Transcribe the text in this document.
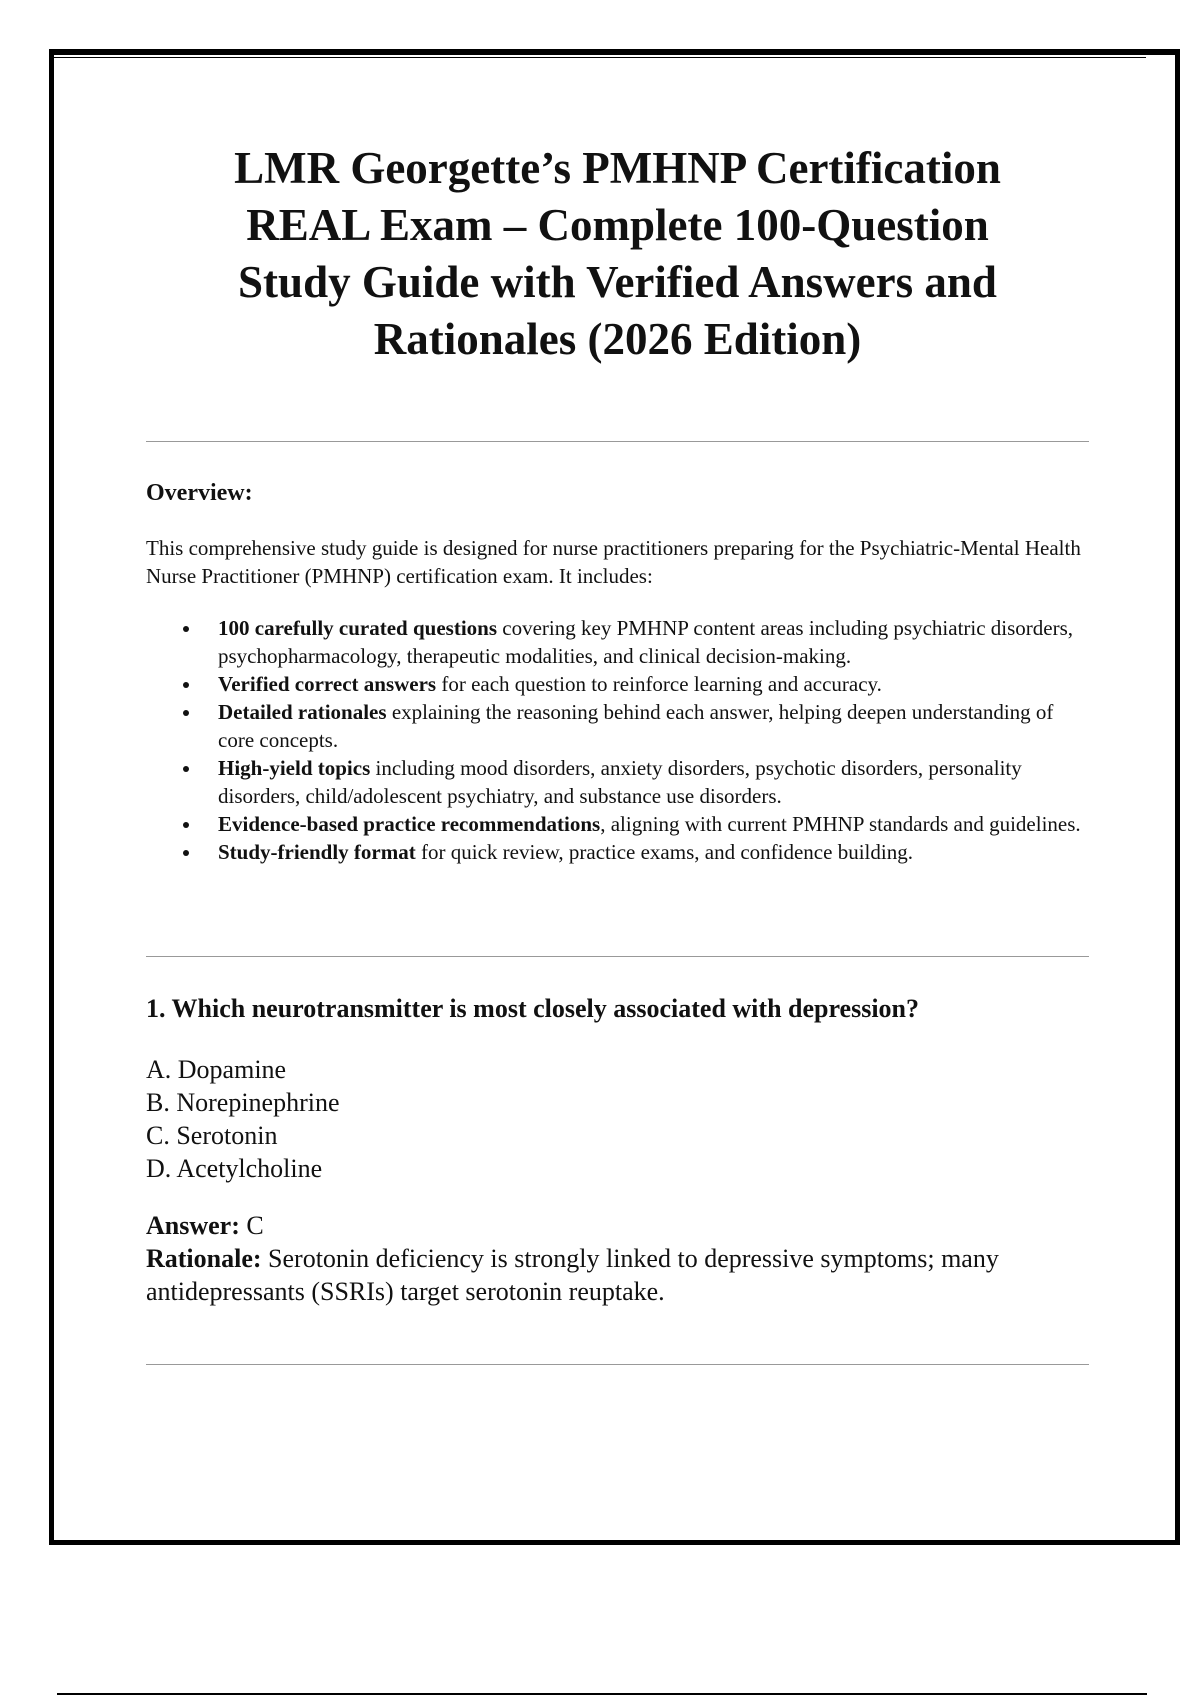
LMR Georgette’s PMHNP Certification REAL Exam – Complete 100-Question Study Guide with Verified Answers and Rationales (2026 Edition)
Overview:

This comprehensive study guide is designed for nurse practitioners preparing for the Psychiatric-Mental Health Nurse Practitioner (PMHNP) certification exam. It includes:

100 carefully curated questions covering key PMHNP content areas including psychiatric disorders, psychopharmacology, therapeutic modalities, and clinical decision-making.
Verified correct answers for each question to reinforce learning and accuracy.
Detailed rationales explaining the reasoning behind each answer, helping deepen understanding of core concepts.
High-yield topics including mood disorders, anxiety disorders, psychotic disorders, personality disorders, child/adolescent psychiatry, and substance use disorders.
Evidence-based practice recommendations, aligning with current PMHNP standards and guidelines.
Study-friendly format for quick review, practice exams, and confidence building.
1. Which neurotransmitter is most closely associated with depression?
A. Dopamine
B. Norepinephrine
C. Serotonin
D. Acetylcholine

Answer: C

Rationale: Serotonin deficiency is strongly linked to depressive symptoms; many antidepressants (SSRIs) target serotonin reuptake.
